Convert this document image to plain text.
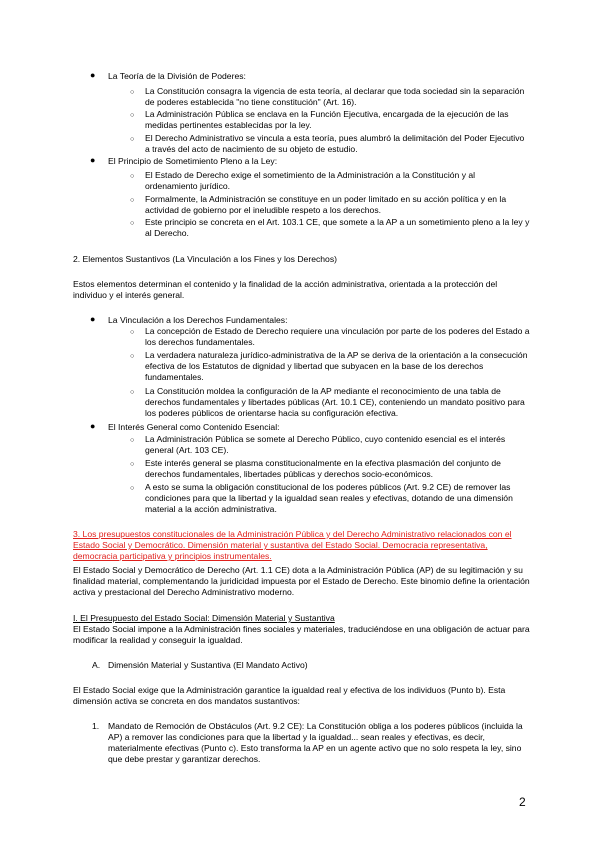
● La Teoría de la División de Poderes:
○ La Constitución consagra la vigencia de esta teoría, al declarar que toda sociedad sin la separación de poderes establecida "no tiene constitución" (Art. 16).
○ La Administración Pública se enclava en la Función Ejecutiva, encargada de la ejecución de las medidas pertinentes establecidas por la ley.
○ El Derecho Administrativo se vincula a esta teoría, pues alumbró la delimitación del Poder Ejecutivo a través del acto de nacimiento de su objeto de estudio.
● El Principio de Sometimiento Pleno a la Ley:
○ El Estado de Derecho exige el sometimiento de la Administración a la Constitución y al ordenamiento jurídico.
○ Formalmente, la Administración se constituye en un poder limitado en su acción política y en la actividad de gobierno por el ineludible respeto a los derechos.
○ Este principio se concreta en el Art. 103.1 CE, que somete a la AP a un sometimiento pleno a la ley y al Derecho.
2. Elementos Sustantivos (La Vinculación a los Fines y los Derechos)
Estos elementos determinan el contenido y la finalidad de la acción administrativa, orientada a la protección del individuo y el interés general.
● La Vinculación a los Derechos Fundamentales:
○ La concepción de Estado de Derecho requiere una vinculación por parte de los poderes del Estado a los derechos fundamentales.
○ La verdadera naturaleza jurídico-administrativa de la AP se deriva de la orientación a la consecución efectiva de los Estatutos de dignidad y libertad que subyacen en la base de los derechos fundamentales.
○ La Constitución moldea la configuración de la AP mediante el reconocimiento de una tabla de derechos fundamentales y libertades públicas (Art. 10.1 CE), conteniendo un mandato positivo para los poderes públicos de orientarse hacia su configuración efectiva.
● El Interés General como Contenido Esencial:
○ La Administración Pública se somete al Derecho Público, cuyo contenido esencial es el interés general (Art. 103 CE).
○ Este interés general se plasma constitucionalmente en la efectiva plasmación del conjunto de derechos fundamentales, libertades públicas y derechos socio-económicos.
○ A esto se suma la obligación constitucional de los poderes públicos (Art. 9.2 CE) de remover las condiciones para que la libertad y la igualdad sean reales y efectivas, dotando de una dimensión material a la acción administrativa.
3. Los presupuestos constitucionales de la Administración Pública y del Derecho Administrativo relacionados con el Estado Social y Democrático. Dimensión material y sustantiva del Estado Social. Democracia representativa, democracia participativa y principios instrumentales.
El Estado Social y Democrático de Derecho (Art. 1.1 CE) dota a la Administración Pública (AP) de su legitimación y su finalidad material, complementando la juridicidad impuesta por el Estado de Derecho. Este binomio define la orientación activa y prestacional del Derecho Administrativo moderno.
I. El Presupuesto del Estado Social: Dimensión Material y Sustantiva
El Estado Social impone a la Administración fines sociales y materiales, traduciéndose en una obligación de actuar para modificar la realidad y conseguir la igualdad.
A. Dimensión Material y Sustantiva (El Mandato Activo)
El Estado Social exige que la Administración garantice la igualdad real y efectiva de los individuos (Punto b). Esta dimensión activa se concreta en dos mandatos sustantivos:
1. Mandato de Remoción de Obstáculos (Art. 9.2 CE): La Constitución obliga a los poderes públicos (incluida la AP) a remover las condiciones para que la libertad y la igualdad... sean reales y efectivas, es decir, materialmente efectivas (Punto c). Esto transforma la AP en un agente activo que no solo respeta la ley, sino que debe prestar y garantizar derechos.
2
